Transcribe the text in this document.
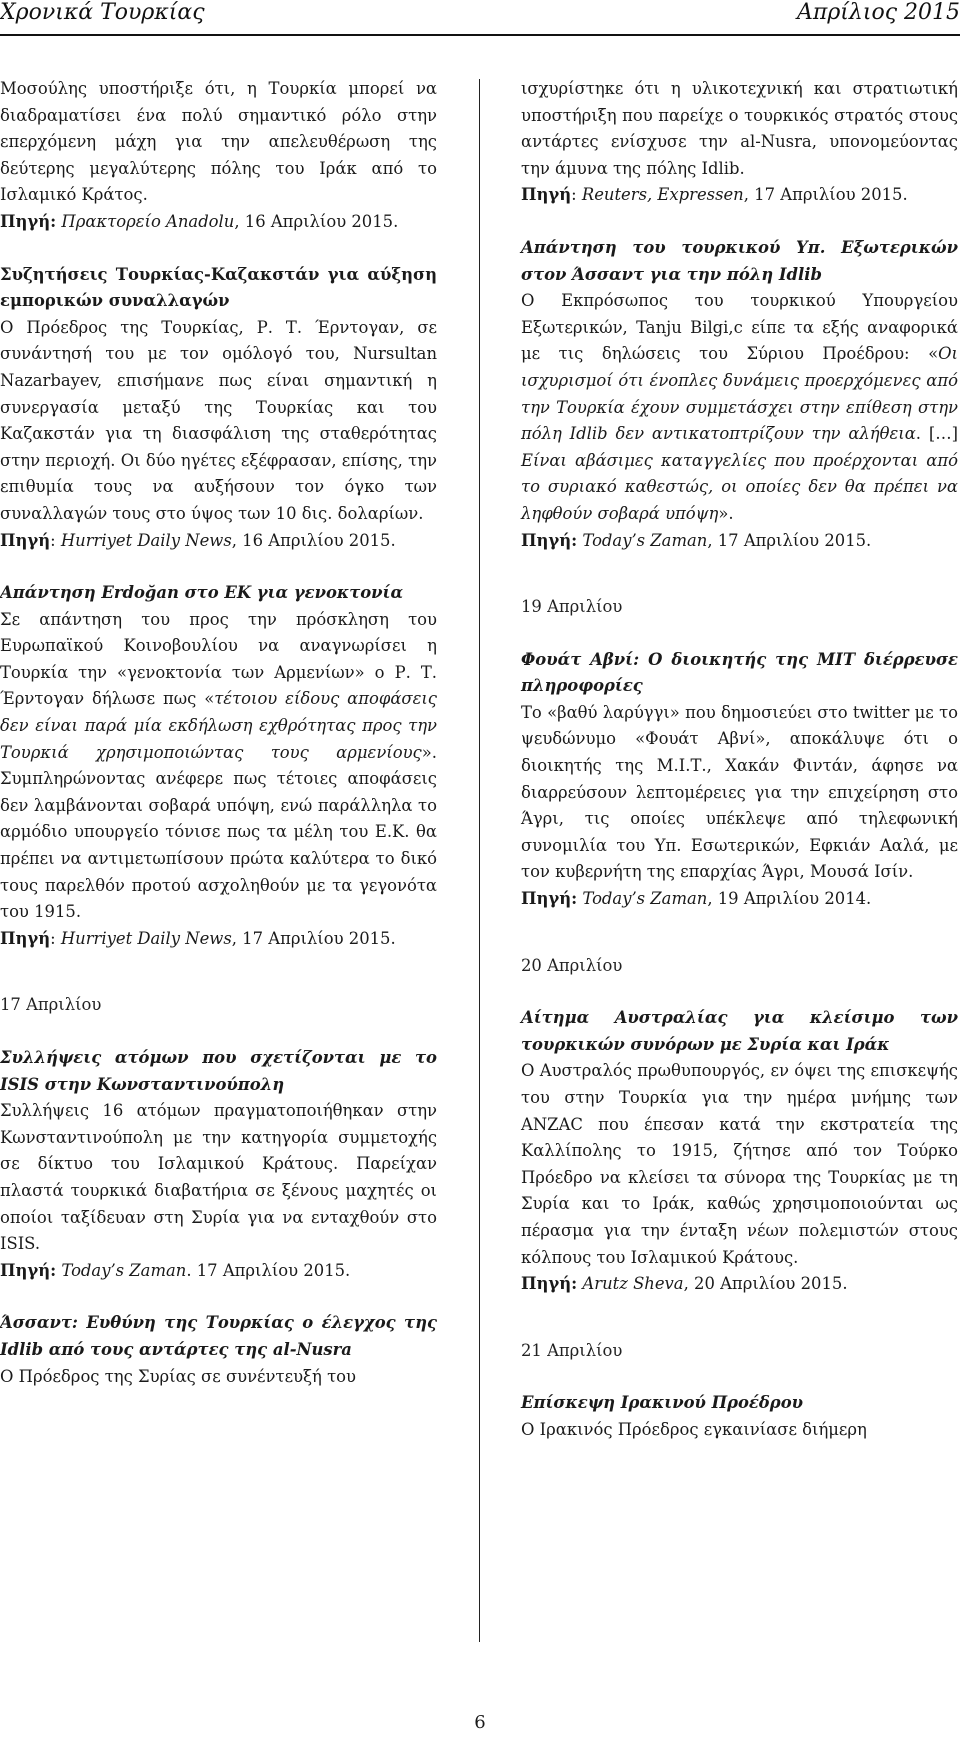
Χρονικά Τουρκίας	Απρίλιος 2015

Μοσούλης υποστήριξε ότι, η Τουρκία μπορεί να διαδραματίσει ένα πολύ σημαντικό ρόλο στην επερχόμενη μάχη για την απελευθέρωση της δεύτερης μεγαλύτερης πόλης του Ιράκ από το Ισλαμικό Κράτος.

Πηγή: Πρακτορείο Anadolu, 16 Απριλίου 2015.

Συζητήσεις Τουρκίας-Καζακστάν για αύξηση εμπορικών συναλλαγών

Ο Πρόεδρος της Τουρκίας, Ρ. Τ. Έρντογαν, σε συνάντησή του με τον ομόλογό του, Nursultan Nazarbayev, επισήμανε πως είναι σημαντική η συνεργασία μεταξύ της Τουρκίας και του Καζακστάν για τη διασφάλιση της σταθερότητας στην περιοχή. Οι δύο ηγέτες εξέφρασαν, επίσης, την επιθυμία τους να αυξήσουν τον όγκο των συναλλαγών τους στο ύψος των 10 δις. δολαρίων.

Πηγή: Hurriyet Daily News, 16 Απριλίου 2015.

Απάντηση Erdoğan στο ΕΚ για γενοκτονία

Σε απάντηση του προς την πρόσκληση του Ευρωπαϊκού Κοινοβουλίου να αναγνωρίσει η Τουρκία την «γενοκτονία των Αρμενίων» ο Ρ. Τ. Έρντογαν δήλωσε πως «τέτοιου είδους αποφάσεις δεν είναι παρά μία εκδήλωση εχθρότητας προς την Τουρκιά χρησιμοποιώντας τους αρμενίους». Συμπληρώνοντας ανέφερε πως τέτοιες αποφάσεις δεν λαμβάνονται σοβαρά υπόψη, ενώ παράλληλα το αρμόδιο υπουργείο τόνισε πως τα μέλη του Ε.Κ. θα πρέπει να αντιμετωπίσουν πρώτα καλύτερα το δικό τους παρελθόν προτού ασχοληθούν με τα γεγονότα του 1915.

Πηγή: Hurriyet Daily News, 17 Απριλίου 2015.

17 Απριλίου

Συλλήψεις ατόμων που σχετίζονται με το ISIS στην Κωνσταντινούπολη

Συλλήψεις 16 ατόμων πραγματοποιήθηκαν στην Κωνσταντινούπολη με την κατηγορία συμμετοχής σε δίκτυο του Ισλαμικού Κράτους. Παρείχαν πλαστά τουρκικά διαβατήρια σε ξένους μαχητές οι οποίοι ταξίδευαν στη Συρία για να ενταχθούν στο ISIS.

Πηγή: Today’s Zaman. 17 Απριλίου 2015.

Άσσαντ: Ευθύνη της Τουρκίας ο έλεγχος της Idlib από τους αντάρτες της al-Nusra

Ο Πρόεδρος της Συρίας σε συνέντευξή του

ισχυρίστηκε ότι η υλικοτεχνική και στρατιωτική υποστήριξη που παρείχε ο τουρκικός στρατός στους αντάρτες ενίσχυσε την al-Nusra, υπονομεύοντας την άμυνα της πόλης Idlib.

Πηγή: Reuters, Expressen, 17 Απριλίου 2015.

Απάντηση του τουρκικού Υπ. Εξωτερικών στον Άσσαντ για την πόλη Idlib

Ο Εκπρόσωπος του τουρκικού Υπουργείου Εξωτερικών, Tanju Bilgi,c είπε τα εξής αναφορικά με τις δηλώσεις του Σύριου Προέδρου: «Οι ισχυρισμοί ότι ένοπλες δυνάμεις προερχόμενες από την Τουρκία έχουν συμμετάσχει στην επίθεση στην πόλη Idlib δεν αντικατοπτρίζουν την αλήθεια. […] Είναι αβάσιμες καταγγελίες που προέρχονται από το συριακό καθεστώς, οι οποίες δεν θα πρέπει να ληφθούν σοβαρά υπόψη».

Πηγή: Today’s Zaman, 17 Απριλίου 2015.

19 Απριλίου

Φουάτ Αβνί: Ο διοικητής της ΜΙΤ διέρρευσε πληροφορίες

Το «βαθύ λαρύγγι» που δημοσιεύει στο twitter με το ψευδώνυμο «Φουάτ Αβνί», αποκάλυψε ότι ο διοικητής της Μ.Ι.Τ., Χακάν Φιντάν, άφησε να διαρρεύσουν λεπτομέρειες για την επιχείρηση στο Άγρι, τις οποίες υπέκλεψε από τηλεφωνική συνομιλία του Υπ. Εσωτερικών, Εφκιάν Ααλά, με τον κυβερνήτη της επαρχίας Άγρι, Μουσά Ισίν.

Πηγή: Today’s Zaman, 19 Απριλίου 2014.

20 Απριλίου

Αίτημα Αυστραλίας για κλείσιμο των τουρκικών συνόρων με Συρία και Ιράκ

Ο Αυστραλός πρωθυπουργός, εν όψει της επισκεψής του στην Τουρκία για την ημέρα μνήμης των ANZAC που έπεσαν κατά την εκστρατεία της Καλλίπολης το 1915, ζήτησε από τον Τούρκο Πρόεδρο να κλείσει τα σύνορα της Τουρκίας με τη Συρία και το Ιράκ, καθώς χρησιμοποιούνται ως πέρασμα για την ένταξη νέων πολεμιστών στους κόλπους του Ισλαμικού Κράτους.

Πηγή: Arutz Sheva, 20 Απριλίου 2015.

21 Απριλίου

Επίσκεψη Ιρακινού Προέδρου

Ο Ιρακινός Πρόεδρος εγκαινίασε διήμερη

6
